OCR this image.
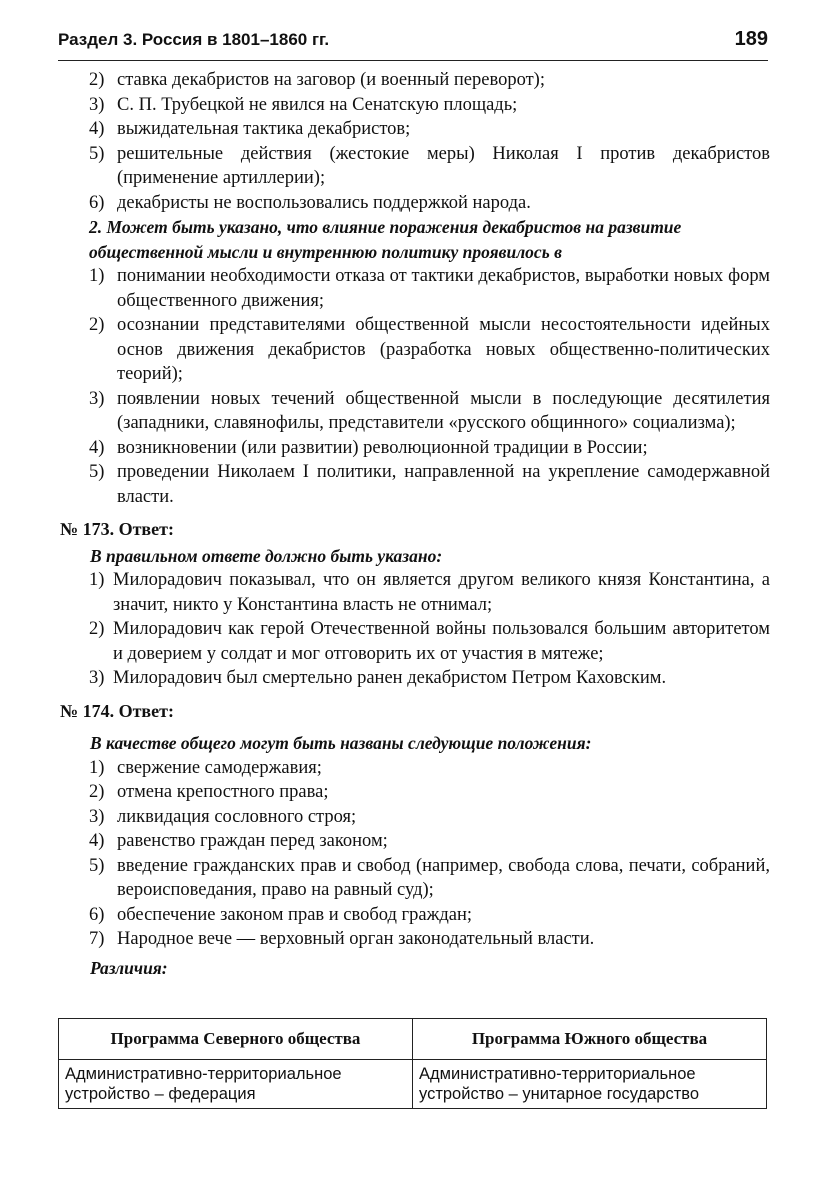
Раздел 3. Россия в 1801–1860 гг.	189
2) ставка декабристов на заговор (и военный переворот);
3) С. П. Трубецкой не явился на Сенатскую площадь;
4) выжидательная тактика декабристов;
5) решительные действия (жестокие меры) Николая I против декабристов (применение артиллерии);
6) декабристы не воспользовались поддержкой народа.
2. Может быть указано, что влияние поражения декабристов на развитие общественной мысли и внутреннюю политику проявилось в
1) понимании необходимости отказа от тактики декабристов, выработки новых форм общественного движения;
2) осознании представителями общественной мысли несостоятельности идейных основ движения декабристов (разработка новых общественно-политических теорий);
3) появлении новых течений общественной мысли в последующие десятилетия (западники, славянофилы, представители «русского общинного» социализма);
4) возникновении (или развитии) революционной традиции в России;
5) проведении Николаем I политики, направленной на укрепление самодержавной власти.
№ 173. Ответ:
В правильном ответе должно быть указано:
1) Милорадович показывал, что он является другом великого князя Константина, а значит, никто у Константина власть не отнимал;
2) Милорадович как герой Отечественной войны пользовался большим авторитетом и доверием у солдат и мог отговорить их от участия в мятеже;
3) Милорадович был смертельно ранен декабристом Петром Каховским.
№ 174. Ответ:
В качестве общего могут быть названы следующие положения:
1) свержение самодержавия;
2) отмена крепостного права;
3) ликвидация сословного строя;
4) равенство граждан перед законом;
5) введение гражданских прав и свобод (например, свобода слова, печати, собраний, вероисповедания, право на равный суд);
6) обеспечение законом прав и свобод граждан;
7) Народное вече — верховный орган законодательный власти.
Различия:
Программа Северного общества	Программа Южного общества
Административно-территориальное устройство – федерация	Административно-территориальное устройство – унитарное государство
